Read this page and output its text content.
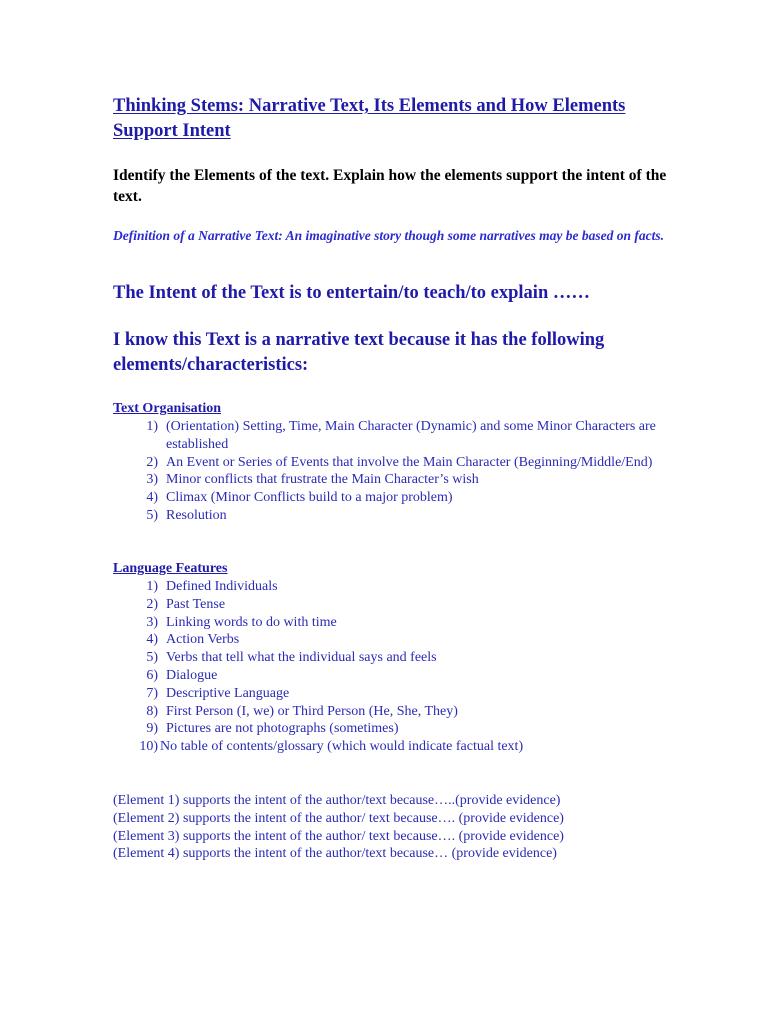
Thinking Stems: Narrative Text, Its Elements and How Elements Support Intent

Identify the Elements of the text. Explain how the elements support the intent of the text.

Definition of a Narrative Text: An imaginative story though some narratives may be based on facts.

The Intent of the Text is to entertain/to teach/to explain ……

I know this Text is a narrative text because it has the following elements/characteristics:

Text Organisation
1) (Orientation) Setting, Time, Main Character (Dynamic) and some Minor Characters are established
2) An Event or Series of Events that involve the Main Character (Beginning/Middle/End)
3) Minor conflicts that frustrate the Main Character’s wish
4) Climax (Minor Conflicts build to a major problem)
5) Resolution
Language Features
1) Defined Individuals
2) Past Tense
3) Linking words to do with time
4) Action Verbs
5) Verbs that tell what the individual says and feels
6) Dialogue
7) Descriptive Language
8) First Person (I, we) or Third Person (He, She, They)
9) Pictures are not photographs (sometimes)
10) No table of contents/glossary (which would indicate factual text)
(Element 1) supports the intent of the author/text because…..(provide evidence)
(Element 2) supports the intent of the author/ text because…. (provide evidence)
(Element 3) supports the intent of the author/ text because…. (provide evidence)
(Element 4) supports the intent of the author/text because… (provide evidence)
